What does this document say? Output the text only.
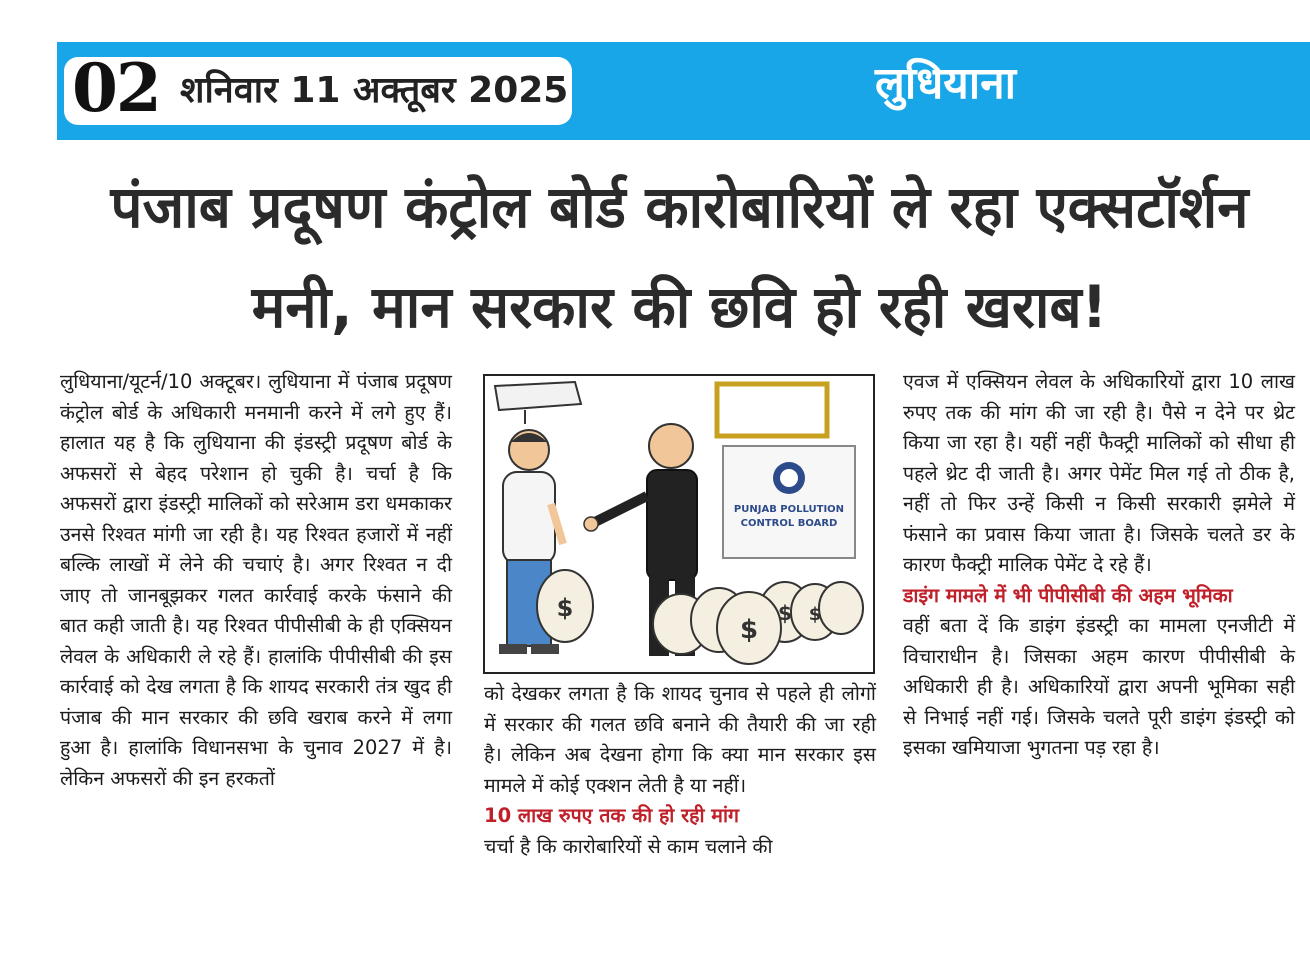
02 शनिवार 11 अक्तूबर 2025	लुधियाना
पंजाब प्रदूषण कंट्रोल बोर्ड कारोबारियों ले रहा एक्सटॉर्शन
मनी, मान सरकार की छवि हो रही खराब!

लुधियाना/यूटर्न/10 अक्टूबर। लुधियाना में पंजाब प्रदूषण कंट्रोल बोर्ड के अधिकारी मनमानी करने में लगे हुए हैं। हालात यह है कि लुधियाना की इंडस्ट्री प्रदूषण बोर्ड के अफसरों से बेहद परेशान हो चुकी है। चर्चा है कि अफसरों द्वारा इंडस्ट्री मालिकों को सरेआम डरा धमकाकर उनसे रिश्वत मांगी जा रही है। यह रिश्वत हजारों में नहीं बल्कि लाखों में लेने की चचाएं है। अगर रिश्वत न दी जाए तो जानबूझकर गलत कार्रवाई करके फंसाने की बात कही जाती है। यह रिश्वत पीपीसीबी के ही एक्सियन लेवल के अधिकारी ले रहे हैं। हालांकि पीपीसीबी की इस कार्रवाई को देख लगता है कि शायद सरकारी तंत्र खुद ही पंजाब की मान सरकार की छवि खराब करने में लगा हुआ है। हालांकि विधानसभा के चुनाव 2027 में है। लेकिन अफसरों की इन हरकतों

PUNJAB POLLUTION
CONTROL BOARD
$
$
$ $
को देखकर लगता है कि शायद चुनाव से पहले ही लोगों में सरकार की गलत छवि बनाने की तैयारी की जा रही है। लेकिन अब देखना होगा कि क्या मान सरकार इस मामले में कोई एक्शन लेती है या नहीं।
10 लाख रुपए तक की हो रही मांग
चर्चा है कि कारोबारियों से काम चलाने की
एवज में एक्सियन लेवल के अधिकारियों द्वारा 10 लाख रुपए तक की मांग की जा रही है। पैसे न देने पर थ्रेट किया जा रहा है। यहीं नहीं फैक्ट्री मालिकों को सीधा ही पहले थ्रेट दी जाती है। अगर पेमेंट मिल गई तो ठीक है, नहीं तो फिर उन्हें किसी न किसी सरकारी झमेले में फंसाने का प्रवास किया जाता है। जिसके चलते डर के कारण फैक्ट्री मालिक पेमेंट दे रहे हैं।
डाइंग मामले में भी पीपीसीबी की अहम भूमिका
वहीं बता दें कि डाइंग इंडस्ट्री का मामला एनजीटी में विचाराधीन है। जिसका अहम कारण पीपीसीबी के अधिकारी ही है। अधिकारियों द्वारा अपनी भूमिका सही से निभाई नहीं गई। जिसके चलते पूरी डाइंग इंडस्ट्री को इसका खमियाजा भुगतना पड़ रहा है।
